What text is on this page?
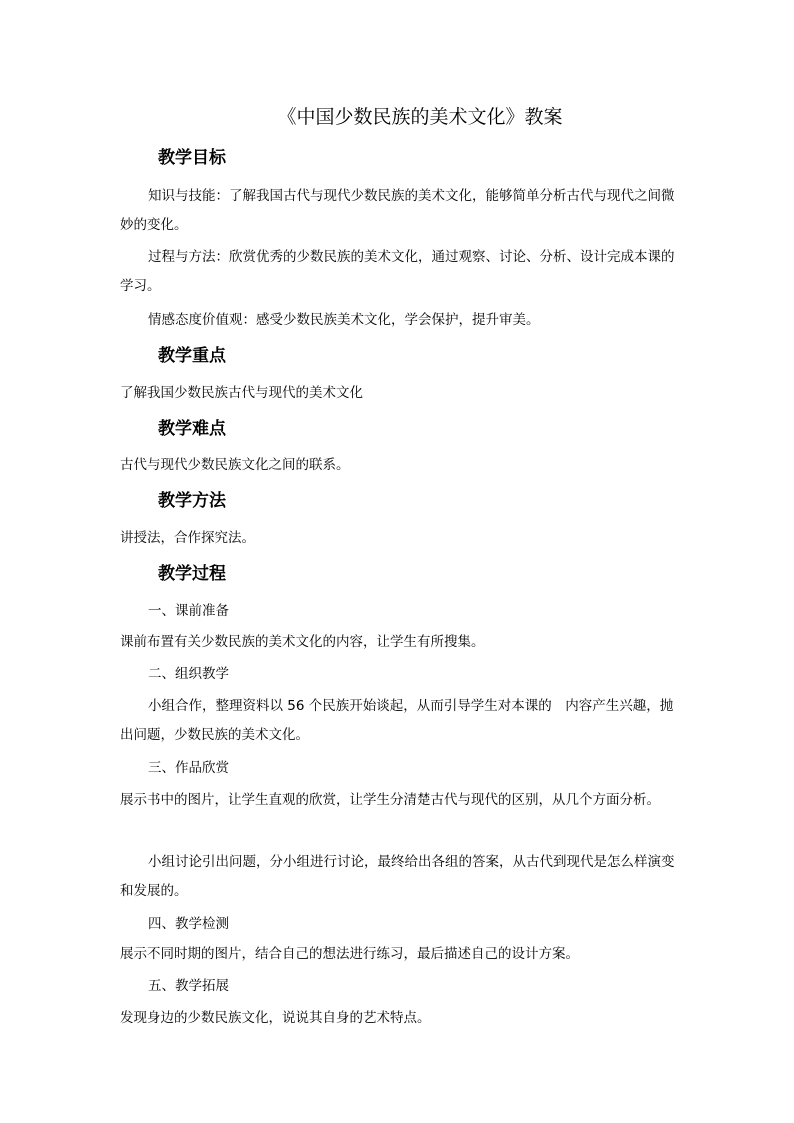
《中国少数民族的美术文化》教案
教学目标
知识与技能：了解我国古代与现代少数民族的美术文化，能够简单分析古代与现代之间微妙的变化。
过程与方法：欣赏优秀的少数民族的美术文化，通过观察、讨论、分析、设计完成本课的学习。
情感态度价值观：感受少数民族美术文化，学会保护，提升审美。
教学重点
了解我国少数民族古代与现代的美术文化
教学难点
古代与现代少数民族文化之间的联系。
教学方法
讲授法，合作探究法。
教学过程
一、课前准备
课前布置有关少数民族的美术文化的内容，让学生有所搜集。
二、组织教学
小组合作，整理资料以 56 个民族开始谈起，从而引导学生对本课的　内容产生兴趣，抛出问题，少数民族的美术文化。
三、作品欣赏
展示书中的图片，让学生直观的欣赏，让学生分清楚古代与现代的区别，从几个方面分析。
小组讨论引出问题，分小组进行讨论，最终给出各组的答案，从古代到现代是怎么样演变和发展的。
四、教学检测
展示不同时期的图片，结合自己的想法进行练习，最后描述自己的设计方案。
五、教学拓展
发现身边的少数民族文化，说说其自身的艺术特点。
